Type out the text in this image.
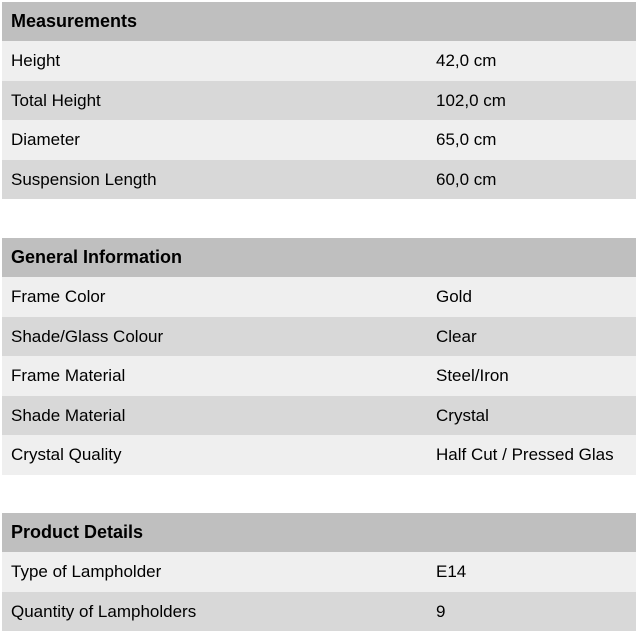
Measurements
Height	42,0 cm
Total Height	102,0 cm
Diameter	65,0 cm
Suspension Length	60,0 cm
General Information
Frame Color	Gold
Shade/Glass Colour	Clear
Frame Material	Steel/Iron
Shade Material	Crystal
Crystal Quality	Half Cut / Pressed Glas
Product Details
Type of Lampholder	E14
Quantity of Lampholders	9
